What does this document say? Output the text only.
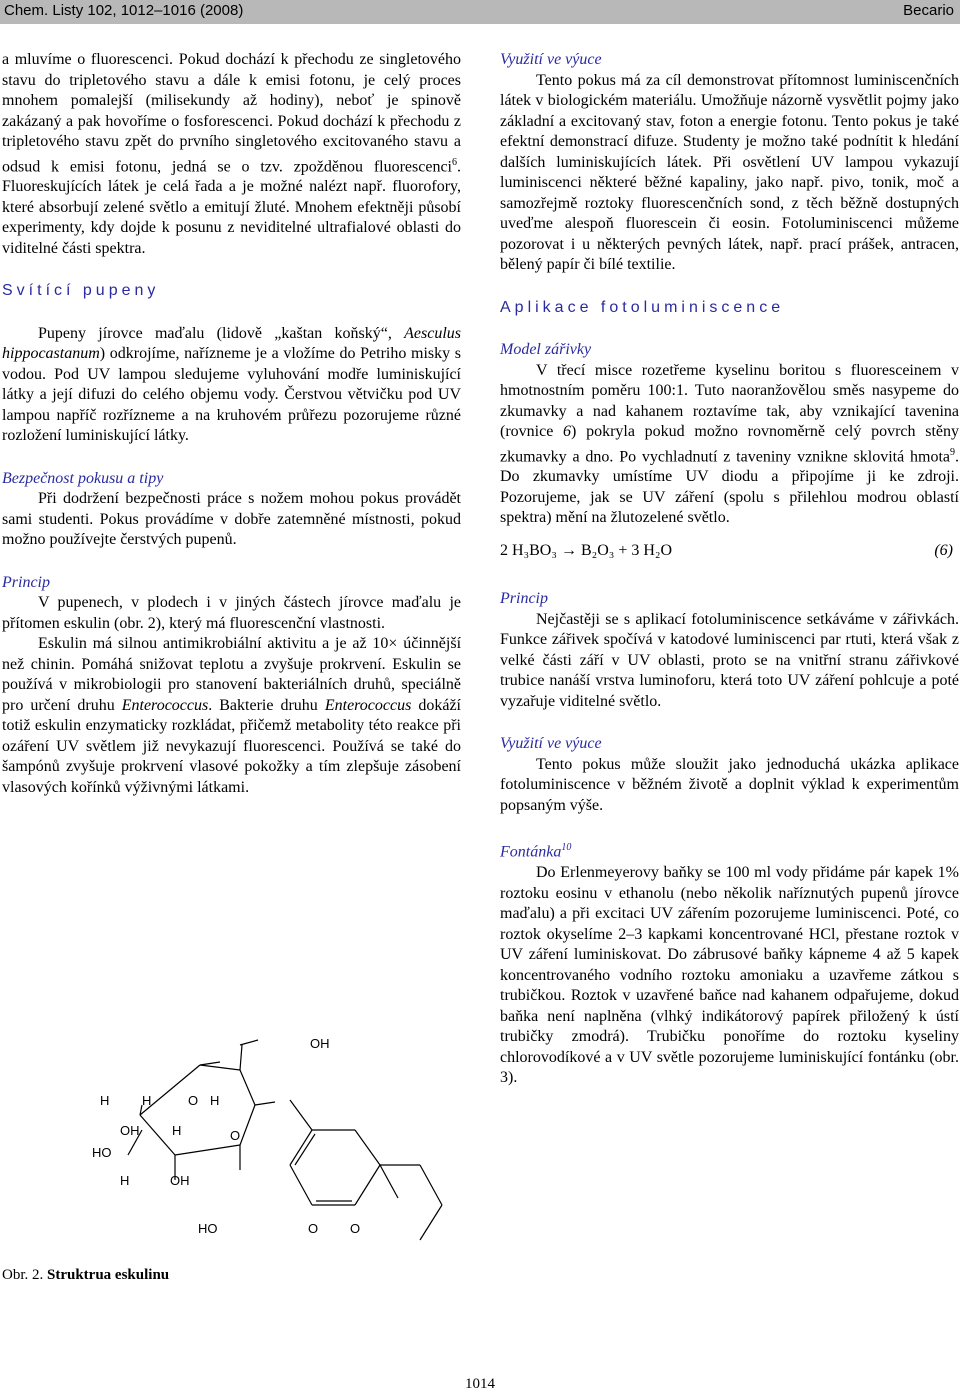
Chem. Listy 102, 1012–1016 (2008)	Becario

a mluvíme o fluorescenci. Pokud dochází k přechodu ze singletového stavu do tripletového stavu a dále k emisi fotonu, je celý proces mnohem pomalejší (milisekundy až hodiny), neboť je spinově zakázaný a pak hovoříme o fosforescenci. Pokud dochází k přechodu z tripletového stavu zpět do prvního singletového excitovaného stavu a odsud k emisi fotonu, jedná se o tzv. zpožděnou fluorescenci$^6$. Fluoreskujících látek je celá řada a je možné nalézt např. fluorofory, které absorbují zelené světlo a emitují žluté. Mnohem efektněji působí experimenty, kdy dojde k posunu z neviditelné ultrafialové oblasti do viditelné části spektra.

Svítící pupeny

Pupeny jírovce maďalu (lidově „kaštan koňský“, Aesculus hippocastanum) odkrojíme, nařízneme je a vložíme do Petriho misky s vodou. Pod UV lampou sledujeme vyluhování modře luminiskující látky a její difuzi do celého objemu vody. Čerstvou větvičku pod UV lampou napříč rozřízneme a na kruhovém průřezu pozorujeme různé rozložení luminiskující látky.

Bezpečnost pokusu a tipy

Při dodržení bezpečnosti práce s nožem mohou pokus provádět sami studenti. Pokus provádíme v dobře zatemněné místnosti, pokud možno používejte čerstvých pupenů.

Princip

V pupenech, v plodech i v jiných částech jírovce maďalu je přítomen eskulin (obr. 2), který má fluorescenční vlastnosti.

Eskulin má silnou antimikrobiální aktivitu a je až 10× účinnější než chinin. Pomáhá snižovat teplotu a zvyšuje prokrvení. Eskulin se používá v mikrobiologii pro stanovení bakteriálních druhů, speciálně pro určení druhu Enterococcus. Bakterie druhu Enterococcus dokáží totiž eskulin enzymaticky rozkládat, přičemž metabolity této reakce při ozáření UV světlem již nevykazují fluorescenci. Používá se také do šampónů zvyšuje prokrvení vlasové pokožky a tím zlepšuje zásobení vlasových kořínků výživnými látkami.

OH
H	H	O H
OH	H
HO
O
H	OH
HO	O O
Obr. 2. Struktrua eskulinu

Využití ve výuce

Tento pokus má za cíl demonstrovat přítomnost luminiscenčních látek v biologickém materiálu. Umožňuje názorně vysvětlit pojmy jako základní a excitovaný stav, foton a energie fotonu. Tento pokus je také efektní demonstrací difuze. Studenty je možno také podnítit k hledání dalších luminiskujících látek. Při osvětlení UV lampou vykazují luminiscenci některé běžné kapaliny, jako např. pivo, tonik, moč a samozřejmě roztoky fluorescenčních sond, z těch běžně dostupných uveďme alespoň fluorescein či eosin. Fotoluminiscenci můžeme pozorovat i u některých pevných látek, např. prací prášek, antracen, bělený papír či bílé textilie.

Aplikace fotoluminiscence

Model zářivky

V třecí misce rozetřeme kyselinu boritou s fluoresceinem v hmotnostním poměru 100:1. Tuto naoranžovělou směs nasypeme do zkumavky a nad kahanem roztavíme tak, aby vznikající tavenina (rovnice 6) pokryla pokud možno rovnoměrně celý povrch stěny zkumavky a dno. Po vychladnutí z taveniny vznikne sklovitá hmota$^9$. Do zkumavky umístíme UV diodu a připojíme ji ke zdroji. Pozorujeme, jak se UV záření (spolu s přilehlou modrou oblastí spektra) mění na žlutozelené světlo.

2 H₃BO₃ → B₂O₃ + 3 H₂O	(6)

Princip

Nejčastěji se s aplikací fotoluminiscence setkáváme v zářivkách. Funkce zářivek spočívá v katodové luminiscenci par rtuti, která však z velké části září v UV oblasti, proto se na vnitřní stranu zářivkové trubice nanáší vrstva luminoforu, která toto UV záření pohlcuje a poté vyzařuje viditelné světlo.

Využití ve výuce

Tento pokus může sloužit jako jednoduchá ukázka aplikace fotoluminiscence v běžném životě a doplnit výklad k experimentům popsaným výše.

Fontánka$^{10}$

Do Erlenmeyerovy baňky se 100 ml vody přidáme pár kapek 1% roztoku eosinu v ethanolu (nebo několik naříznutých pupenů jírovce maďalu) a při excitaci UV zářením pozorujeme luminiscenci. Poté, co roztok okyselíme 2–3 kapkami koncentrované HCl, přestane roztok v UV záření luminiskovat. Do zábrusové baňky kápneme 4 až 5 kapek koncentrovaného vodního roztoku amoniaku a uzavřeme zátkou s trubičkou. Roztok v uzavřené baňce nad kahanem odpařujeme, dokud baňka není naplněna (vlhký indikátorový papírek přiložený k ústí trubičky zmodrá). Trubičku ponoříme do roztoku kyseliny chlorovodíkové a v UV světle pozorujeme luminiskující fontánku (obr. 3).

1014
